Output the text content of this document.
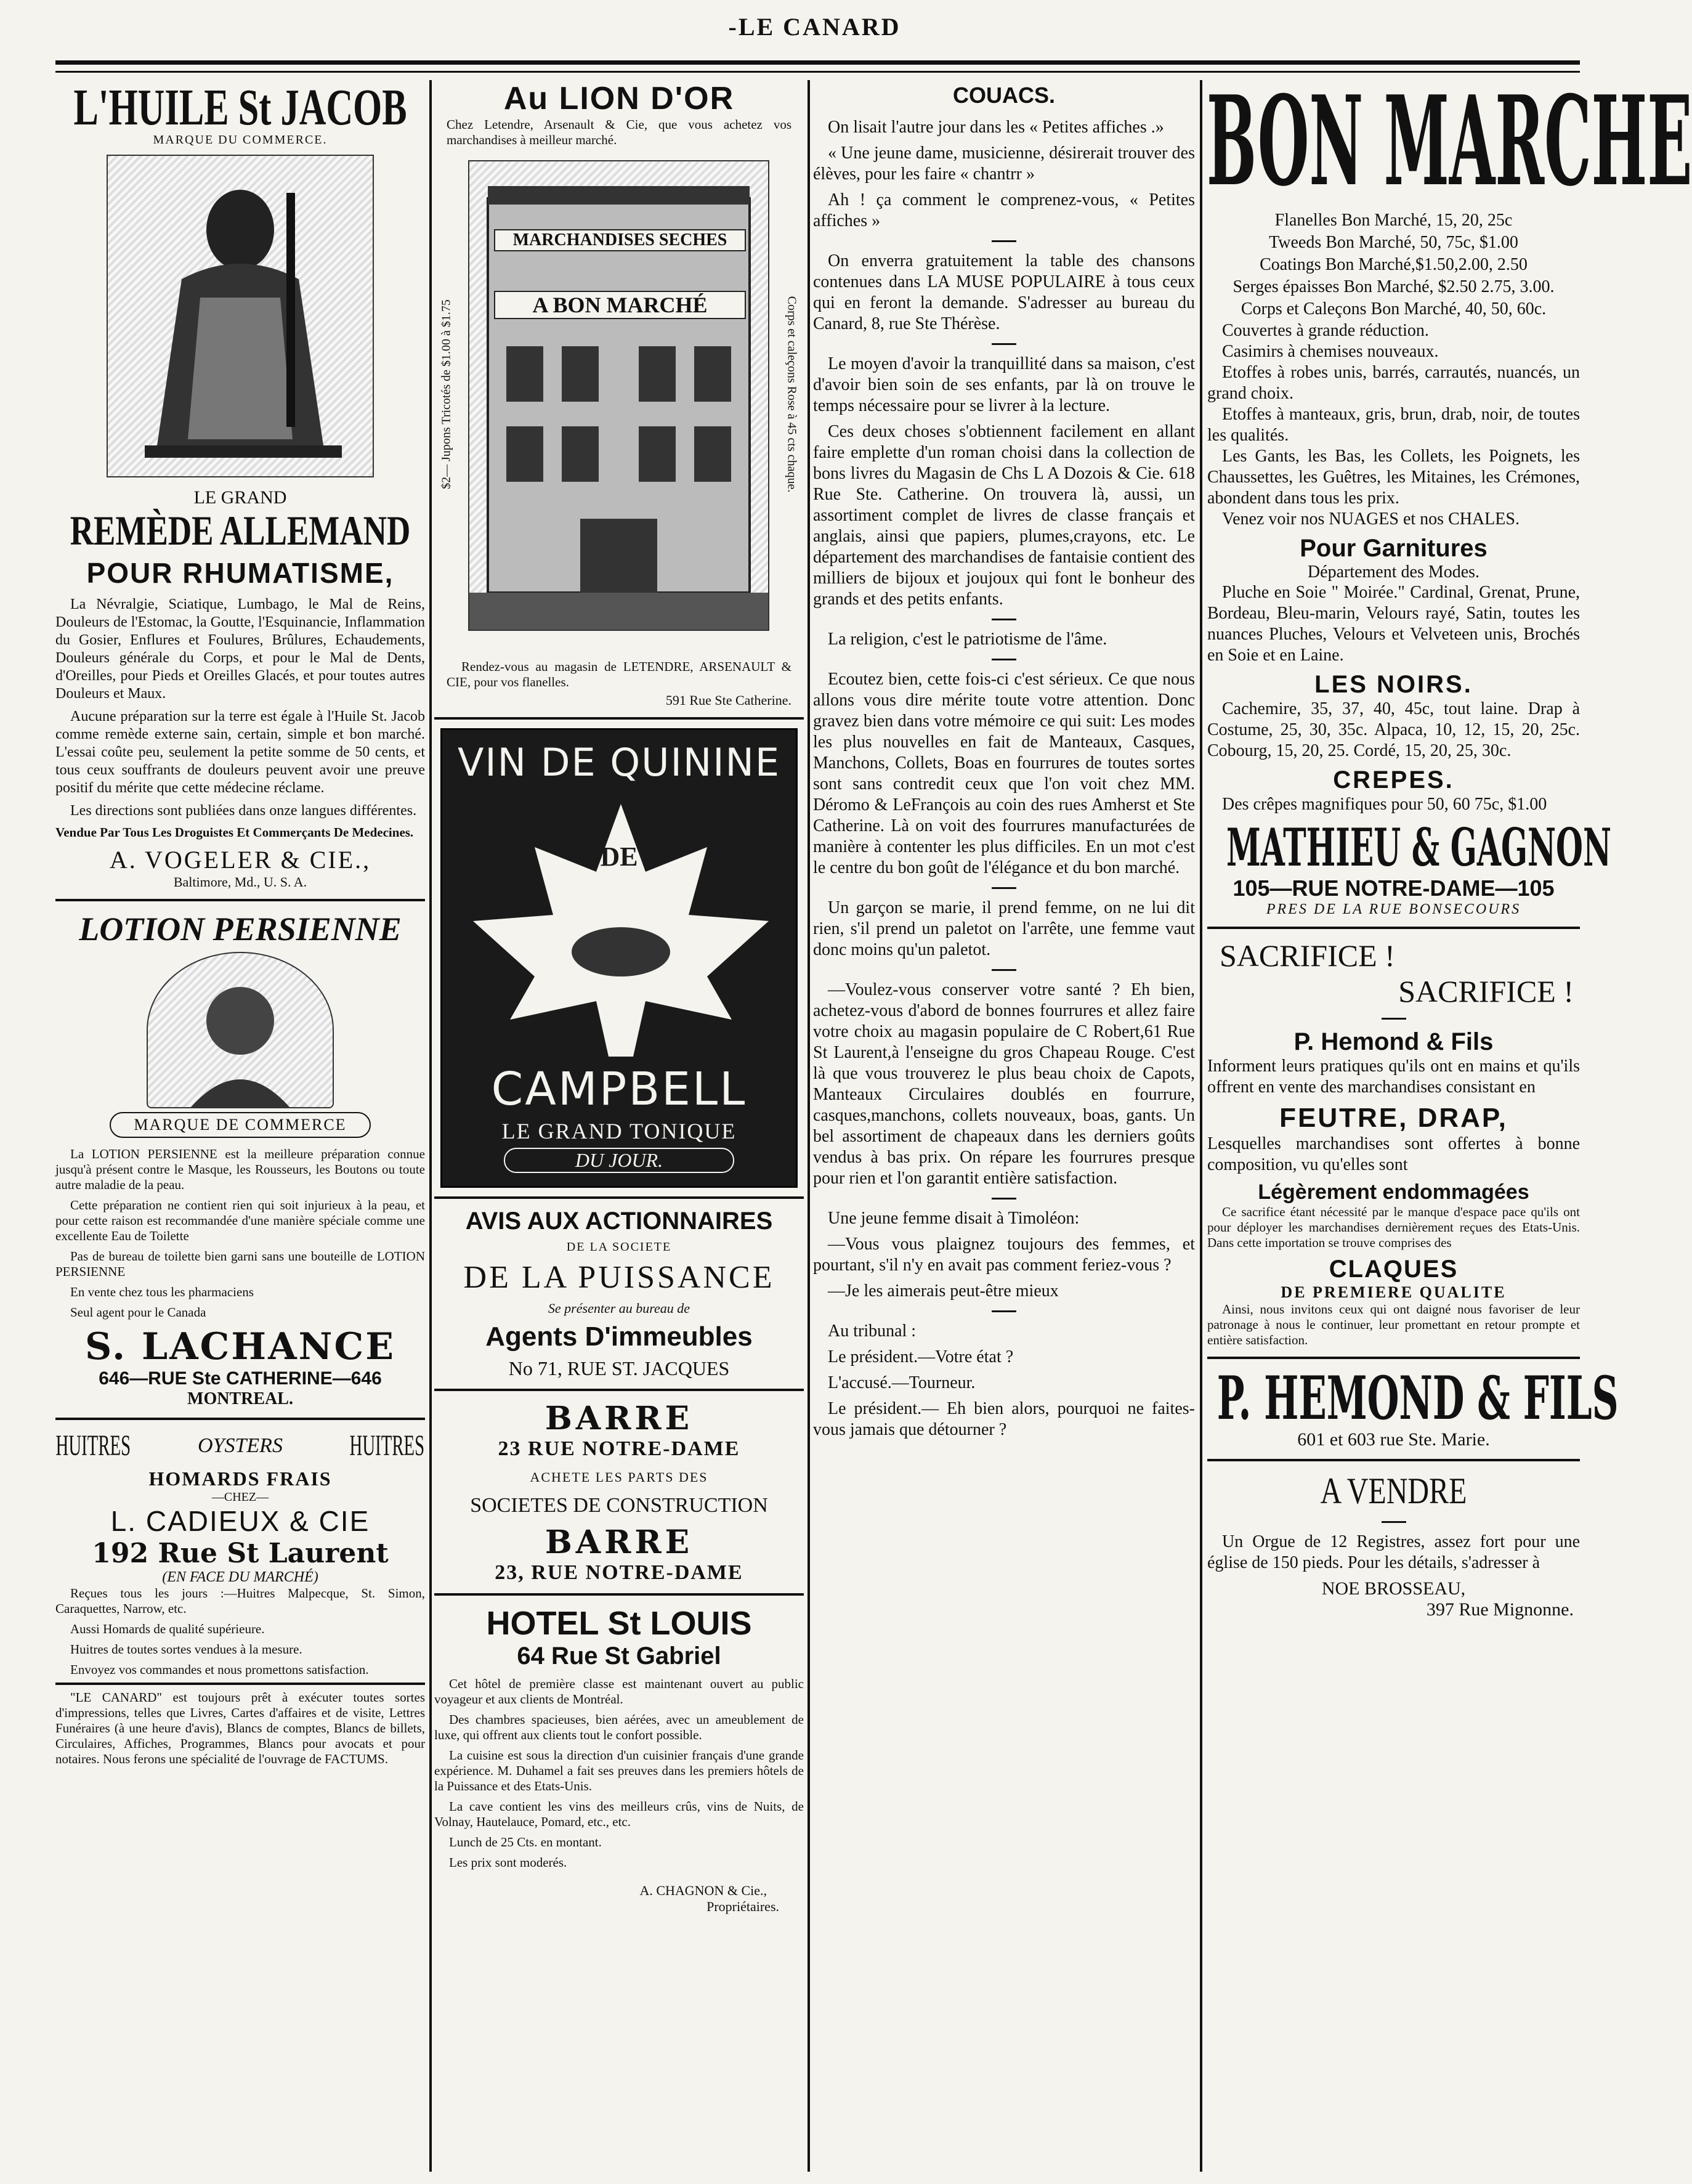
-LE CANARD
L'HUILE St JACOB
MARQUE DU COMMERCE.
LE GRAND
REMÈDE ALLEMAND
POUR RHUMATISME,

La Névralgie, Sciatique, Lumbago, le Mal de Reins, Douleurs de l'Estomac, la Goutte, l'Esquinancie, Inflammation du Gosier, Enflures et Foulures, Brûlures, Echaudements, Douleurs générale du Corps, et pour le Mal de Dents, d'Oreilles, pour Pieds et Oreilles Glacés, et pour toutes autres Douleurs et Maux.

Aucune préparation sur la terre est égale à l'Huile St. Jacob comme remède externe sain, certain, simple et bon marché. L'essai coûte peu, seulement la petite somme de 50 cents, et tous ceux souffrants de douleurs peuvent avoir une preuve positif du mérite que cette médecine réclame.

Les directions sont publiées dans onze langues différentes.

Vendue Par Tous Les Droguistes Et Commerçants De Medecines.

A. VOGELER & CIE.,
Baltimore, Md., U. S. A.
LOTION PERSIENNE
MARQUE DE COMMERCE

La LOTION PERSIENNE est la meilleure préparation connue jusqu'à présent contre le Masque, les Rousseurs, les Boutons ou toute autre maladie de la peau.

Cette préparation ne contient rien qui soit injurieux à la peau, et pour cette raison est recommandée d'une manière spéciale comme une excellente Eau de Toilette

Pas de bureau de toilette bien garni sans une bouteille de LOTION PERSIENNE

En vente chez tous les pharmaciens

Seul agent pour le Canada

S. LACHANCE
646—RUE Ste CATHERINE—646
MONTREAL.
HUITRES	OYSTERS HUITRES
HOMARDS FRAIS
—CHEZ—
L. CADIEUX & CIE
192 Rue St Laurent
(EN FACE DU MARCHÉ)

Reçues tous les jours :—Huitres Malpecque, St. Simon, Caraquettes, Narrow, etc.

Aussi Homards de qualité supérieure.

Huitres de toutes sortes vendues à la mesure.

Envoyez vos commandes et nous promettons satisfaction.

"LE CANARD" est toujours prêt à exécuter toutes sortes d'impressions, telles que Livres, Cartes d'affaires et de visite, Lettres Funéraires (à une heure d'avis), Blancs de comptes, Blancs de billets, Circulaires, Affiches, Programmes, Blancs pour avocats et pour notaires. Nous ferons une spécialité de l'ouvrage de FACTUMS.

Au LION D'OR

Chez Letendre, Arsenault & Cie, que vous achetez vos marchandises à meilleur marché.

$2— Jupons Tricotés de $1.00 à $1.75	Corps et caleçons Rose à 45 cts chaque.
MARCHANDISES SECHES
A BON MARCHÉ

Rendez-vous au magasin de LETENDRE, ARSENAULT & CIE, pour vos flanelles.

591 Rue Ste Catherine.
VIN DE QUININE
DE
CAMPBELL
LE GRAND TONIQUE
DU JOUR.
AVIS AUX ACTIONNAIRES
DE LA SOCIETE
DE LA PUISSANCE
Se présenter au bureau de
Agents D'immeubles
No 71, RUE ST. JACQUES
BARRE
23 RUE NOTRE-DAME
ACHETE LES PARTS DES
SOCIETES DE CONSTRUCTION
BARRE
23, RUE NOTRE-DAME
HOTEL St LOUIS
64 Rue St Gabriel

Cet hôtel de première classe est maintenant ouvert au public voyageur et aux clients de Montréal.

Des chambres spacieuses, bien aérées, avec un ameublement de luxe, qui offrent aux clients tout le confort possible.

La cuisine est sous la direction d'un cuisinier français d'une grande expérience. M. Duhamel a fait ses preuves dans les premiers hôtels de la Puissance et des Etats-Unis.

La cave contient les vins des meilleurs crûs, vins de Nuits, de Volnay, Hautelauce, Pomard, etc., etc.

Lunch de 25 Cts. en montant.

Les prix sont moderés.

A. CHAGNON & Cie.,
Propriétaires.
COUACS.

On lisait l'autre jour dans les « Petites affiches .»

« Une jeune dame, musicienne, désirerait trouver des élèves, pour les faire « chantrr »

Ah ! ça comment le comprenez-vous, « Petites affiches »

On enverra gratuitement la table des chansons contenues dans LA MUSE POPULAIRE à tous ceux qui en feront la demande. S'adresser au bureau du Canard, 8, rue Ste Thérèse.

Le moyen d'avoir la tranquillité dans sa maison, c'est d'avoir bien soin de ses enfants, par là on trouve le temps nécessaire pour se livrer à la lecture.

Ces deux choses s'obtiennent facilement en allant faire emplette d'un roman choisi dans la collection de bons livres du Magasin de Chs L A Dozois & Cie. 618 Rue Ste. Catherine. On trouvera là, aussi, un assortiment complet de livres de classe français et anglais, ainsi que papiers, plumes,crayons, etc. Le département des marchandises de fantaisie contient des milliers de bijoux et joujoux qui font le bonheur des grands et des petits enfants.

La religion, c'est le patriotisme de l'âme.

Ecoutez bien, cette fois-ci c'est sérieux. Ce que nous allons vous dire mérite toute votre attention. Donc gravez bien dans votre mémoire ce qui suit: Les modes les plus nouvelles en fait de Manteaux, Casques, Manchons, Collets, Boas en fourrures de toutes sortes sont sans contredit ceux que l'on voit chez MM. Déromo & LeFrançois au coin des rues Amherst et Ste Catherine. Là on voit des fourrures manufacturées de manière à contenter les plus difficiles. En un mot c'est le centre du bon goût de l'élégance et du bon marché.

Un garçon se marie, il prend femme, on ne lui dit rien, s'il prend un paletot on l'arrête, une femme vaut donc moins qu'un paletot.

—Voulez-vous conserver votre santé ? Eh bien, achetez-vous d'abord de bonnes fourrures et allez faire votre choix au magasin populaire de C Robert,61 Rue St Laurent,à l'enseigne du gros Chapeau Rouge. C'est là que vous trouverez le plus beau choix de Capots, Manteaux Circulaires doublés en fourrure, casques,manchons, collets nouveaux, boas, gants. Un bel assortiment de chapeaux dans les derniers goûts vendus à bas prix. On répare les fourrures presque pour rien et l'on garantit entière satisfaction.

Une jeune femme disait à Timoléon:

—Vous vous plaignez toujours des femmes, et pourtant, s'il n'y en avait pas comment feriez-vous ?

—Je les aimerais peut-être mieux

Au tribunal :

Le président.—Votre état ?

L'accusé.—Tourneur.

Le président.— Eh bien alors, pourquoi ne faites-vous jamais que détourner ?

BON MARCHE
Flanelles Bon Marché, 15, 20, 25c
Tweeds Bon Marché, 50, 75c, $1.00
Coatings Bon Marché,$1.50,2.00, 2.50
Serges épaisses Bon Marché, $2.50 2.75, 3.00.
Corps et Caleçons Bon Marché, 40, 50, 60c.

Couvertes à grande réduction.

Casimirs à chemises nouveaux.

Etoffes à robes unis, barrés, carrautés, nuancés, un grand choix.

Etoffes à manteaux, gris, brun, drab, noir, de toutes les qualités.

Les Gants, les Bas, les Collets, les Poignets, les Chaussettes, les Guêtres, les Mitaines, les Crémones, abondent dans tous les prix.

Venez voir nos NUAGES et nos CHALES.

Pour Garnitures
Département des Modes.

Pluche en Soie " Moirée." Cardinal, Grenat, Prune, Bordeau, Bleu-marin, Velours rayé, Satin, toutes les nuances Pluches, Velours et Velveteen unis, Brochés en Soie et en Laine.

LES NOIRS.

Cachemire, 35, 37, 40, 45c, tout laine. Drap à Costume, 25, 30, 35c. Alpaca, 10, 12, 15, 20, 25c. Cobourg, 15, 20, 25. Cordé, 15, 20, 25, 30c.

CREPES.

Des crêpes magnifiques pour 50, 60 75c, $1.00

MATHIEU & GAGNON
105—RUE NOTRE-DAME—105
PRES DE LA RUE BONSECOURS
SACRIFICE !
SACRIFICE !
P. Hemond & Fils

Informent leurs pratiques qu'ils ont en mains et qu'ils offrent en vente des marchandises consistant en

FEUTRE, DRAP,

Lesquelles marchandises sont offertes à bonne composition, vu qu'elles sont

Légèrement endommagées

Ce sacrifice étant nécessité par le manque d'espace pace qu'ils ont pour déployer les marchandises dernièrement reçues des Etats-Unis. Dans cette importation se trouve comprises des

CLAQUES
DE PREMIERE QUALITE

Ainsi, nous invitons ceux qui ont daigné nous favoriser de leur patronage à nous le continuer, leur promettant en retour prompte et entière satisfaction.

P. HEMOND & FILS
601 et 603 rue Ste. Marie.
A VENDRE

Un Orgue de 12 Registres, assez fort pour une église de 150 pieds. Pour les détails, s'adresser à

NOE BROSSEAU,
397 Rue Mignonne.
